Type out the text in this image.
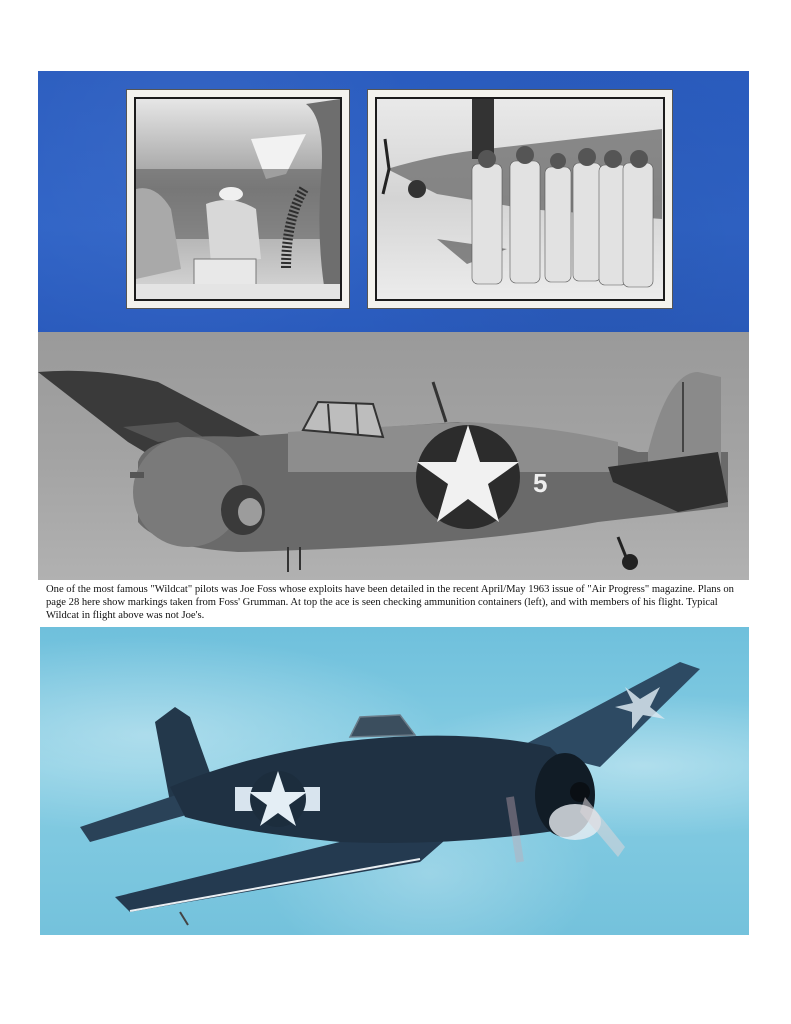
5
One of the most famous "Wildcat" pilots was Joe Foss whose exploits have been detailed in the recent April/May 1963 issue of "Air Progress" magazine. Plans on page 28 here show markings taken from Foss' Grumman. At top the ace is seen checking ammunition containers (left), and with members of his flight. Typical Wildcat in flight above was not Joe's.
